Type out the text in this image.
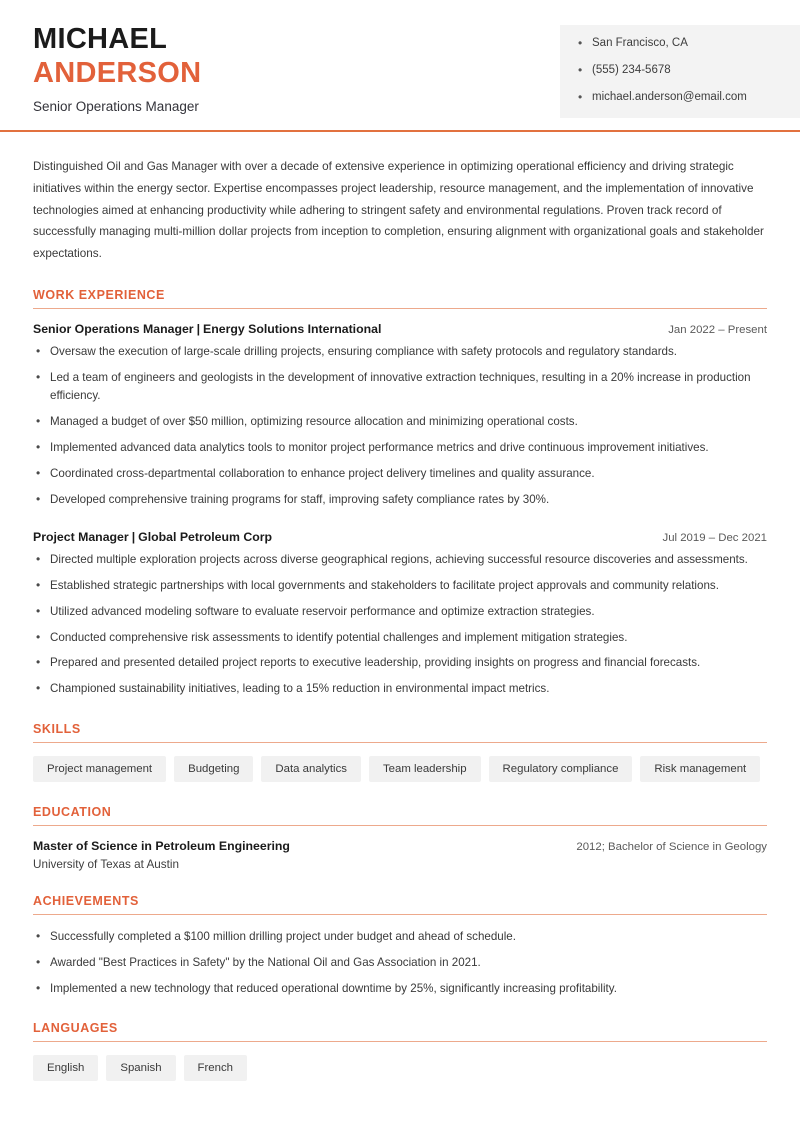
• San Francisco, CA
• (555) 234-5678
• michael.anderson@email.com
MICHAEL
ANDERSON
Senior Operations Manager

Distinguished Oil and Gas Manager with over a decade of extensive experience in optimizing operational efficiency and driving strategic initiatives within the energy sector. Expertise encompasses project leadership, resource management, and the implementation of innovative technologies aimed at enhancing productivity while adhering to stringent safety and environmental regulations. Proven track record of successfully managing multi-million dollar projects from inception to completion, ensuring alignment with organizational goals and stakeholder expectations.

WORK EXPERIENCE
Senior Operations Manager | Energy Solutions International	Jan 2022 – Present
• Oversaw the execution of large-scale drilling projects, ensuring compliance with safety protocols and regulatory standards.
• Led a team of engineers and geologists in the development of innovative extraction techniques, resulting in a 20% increase in production efficiency.
• Managed a budget of over $50 million, optimizing resource allocation and minimizing operational costs.
• Implemented advanced data analytics tools to monitor project performance metrics and drive continuous improvement initiatives.
• Coordinated cross-departmental collaboration to enhance project delivery timelines and quality assurance.
• Developed comprehensive training programs for staff, improving safety compliance rates by 30%.
Project Manager | Global Petroleum Corp	Jul 2019 – Dec 2021
• Directed multiple exploration projects across diverse geographical regions, achieving successful resource discoveries and assessments.
• Established strategic partnerships with local governments and stakeholders to facilitate project approvals and community relations.
• Utilized advanced modeling software to evaluate reservoir performance and optimize extraction strategies.
• Conducted comprehensive risk assessments to identify potential challenges and implement mitigation strategies.
• Prepared and presented detailed project reports to executive leadership, providing insights on progress and financial forecasts.
• Championed sustainability initiatives, leading to a 15% reduction in environmental impact metrics.
SKILLS
Project management	Budgeting	Data analytics	Team leadership	Regulatory compliance	Risk management
EDUCATION
Master of Science in Petroleum Engineering	2012; Bachelor of Science in Geology
University of Texas at Austin
ACHIEVEMENTS
• Successfully completed a $100 million drilling project under budget and ahead of schedule.
• Awarded "Best Practices in Safety" by the National Oil and Gas Association in 2021.
• Implemented a new technology that reduced operational downtime by 25%, significantly increasing profitability.
LANGUAGES
English	Spanish	French
